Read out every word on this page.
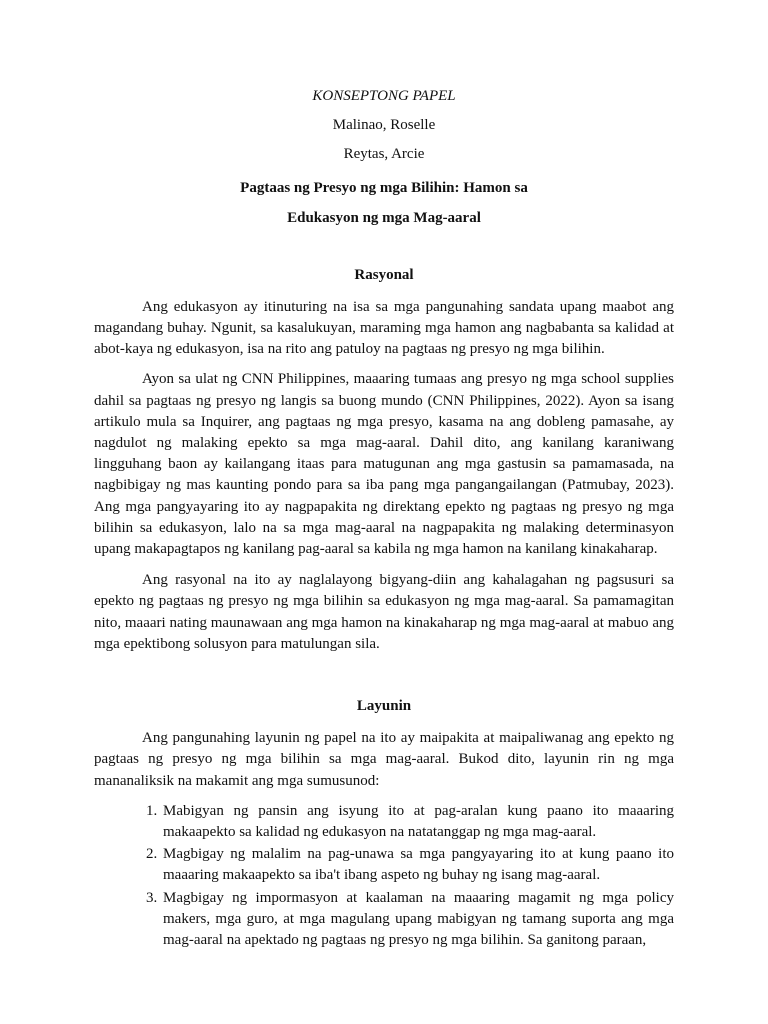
KONSEPTONG PAPEL

Malinao, Roselle

Reytas, Arcie

Pagtaas ng Presyo ng mga Bilihin: Hamon sa

Edukasyon ng mga Mag-aaral

Rasyonal

Ang edukasyon ay itinuturing na isa sa mga pangunahing sandata upang maabot ang magandang buhay. Ngunit, sa kasalukuyan, maraming mga hamon ang nagbabanta sa kalidad at abot-kaya ng edukasyon, isa na rito ang patuloy na pagtaas ng presyo ng mga bilihin.

Ayon sa ulat ng CNN Philippines, maaaring tumaas ang presyo ng mga school supplies dahil sa pagtaas ng presyo ng langis sa buong mundo (CNN Philippines, 2022). Ayon sa isang artikulo mula sa Inquirer, ang pagtaas ng mga presyo, kasama na ang dobleng pamasahe, ay nagdulot ng malaking epekto sa mga mag-aaral. Dahil dito, ang kanilang karaniwang lingguhang baon ay kailangang itaas para matugunan ang mga gastusin sa pamamasada, na nagbibigay ng mas kaunting pondo para sa iba pang mga pangangailangan (Patmubay, 2023). Ang mga pangyayaring ito ay nagpapakita ng direktang epekto ng pagtaas ng presyo ng mga bilihin sa edukasyon, lalo na sa mga mag-aaral na nagpapakita ng malaking determinasyon upang makapagtapos ng kanilang pag-aaral sa kabila ng mga hamon na kanilang kinakaharap.

Ang rasyonal na ito ay naglalayong bigyang-diin ang kahalagahan ng pagsusuri sa epekto ng pagtaas ng presyo ng mga bilihin sa edukasyon ng mga mag-aaral. Sa pamamagitan nito, maaari nating maunawaan ang mga hamon na kinakaharap ng mga mag-aaral at mabuo ang mga epektibong solusyon para matulungan sila.

Layunin

Ang pangunahing layunin ng papel na ito ay maipakita at maipaliwanag ang epekto ng pagtaas ng presyo ng mga bilihin sa mga mag-aaral. Bukod dito, layunin rin ng mga mananaliksik na makamit ang mga sumusunod:

1. Mabigyan ng pansin ang isyung ito at pag-aralan kung paano ito maaaring makaapekto sa kalidad ng edukasyon na natatanggap ng mga mag-aaral.
2. Magbigay ng malalim na pag-unawa sa mga pangyayaring ito at kung paano ito maaaring makaapekto sa iba't ibang aspeto ng buhay ng isang mag-aaral.
3. Magbigay ng impormasyon at kaalaman na maaaring magamit ng mga policy makers, mga guro, at mga magulang upang mabigyan ng tamang suporta ang mga mag-aaral na apektado ng pagtaas ng presyo ng mga bilihin. Sa ganitong paraan,
